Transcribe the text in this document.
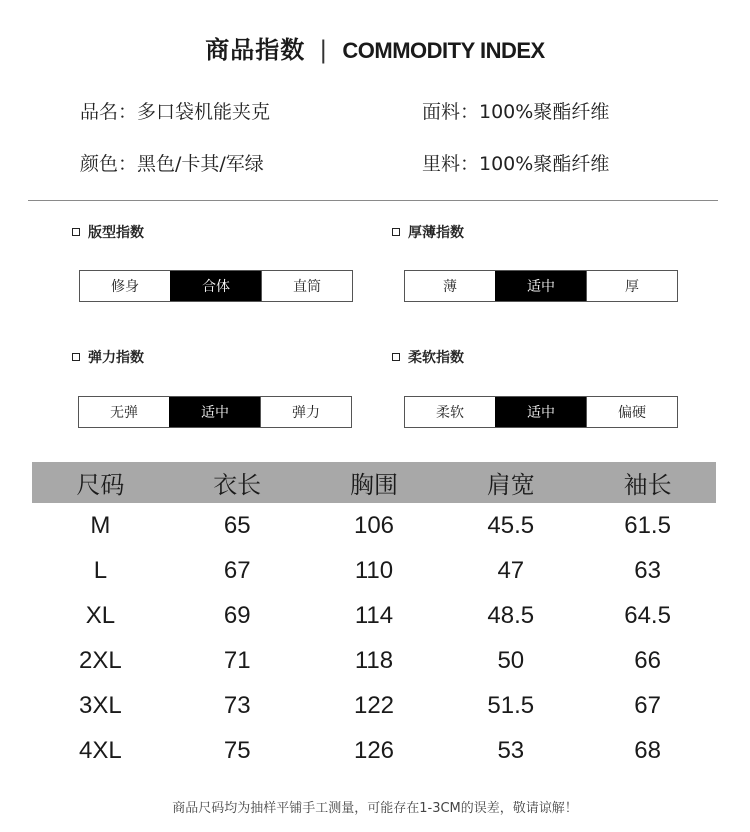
商品指数 | COMMODITY INDEX
品名：多口袋机能夹克	面料：100%聚酯纤维
颜色：黑色/卡其/军绿	里料：100%聚酯纤维
版型指数
修身	合体	直筒
厚薄指数
薄	适中	厚
弹力指数
无弹	适中	弹力
柔软指数
柔软	适中	偏硬
尺码	衣长	胸围	肩宽	袖长
M	65	106	45.5	61.5
L	67	110	47	63
XL	69	114	48.5	64.5
2XL	71	118	50	66
3XL	73	122	51.5	67
4XL	75	126	53	68
商品尺码均为抽样平铺手工测量，可能存在1-3CM的误差，敬请谅解！
